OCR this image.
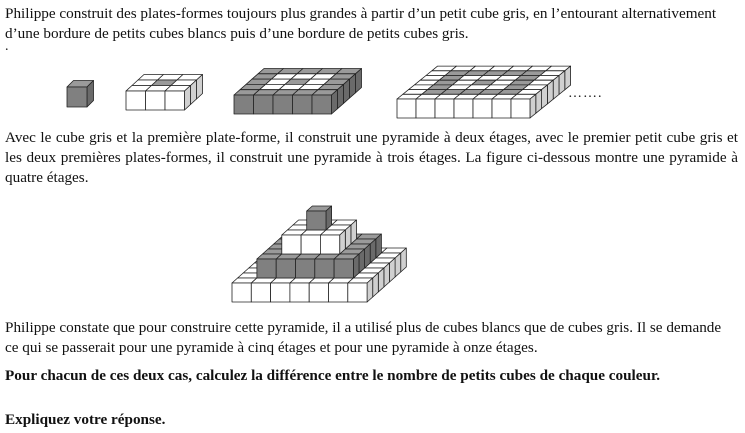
Philippe construit des plates-formes toujours plus grandes à partir d’un petit cube gris, en l’entourant alternativement d’une bordure de petits cubes blancs puis d’une bordure de petits cubes gris.

.
…….

Avec le cube gris et la première plate-forme, il construit une pyramide à deux étages, avec le premier petit cube gris et les deux premières plates-formes, il construit une pyramide à trois étages. La figure ci-dessous montre une pyramide à quatre étages.

Philippe constate que pour construire cette pyramide, il a utilisé plus de cubes blancs que de cubes gris. Il se demande ce qui se passerait pour une pyramide à cinq étages et pour une pyramide à onze étages.

Pour chacun de ces deux cas, calculez la différence entre le nombre de petits cubes de chaque couleur.

Expliquez votre réponse.
